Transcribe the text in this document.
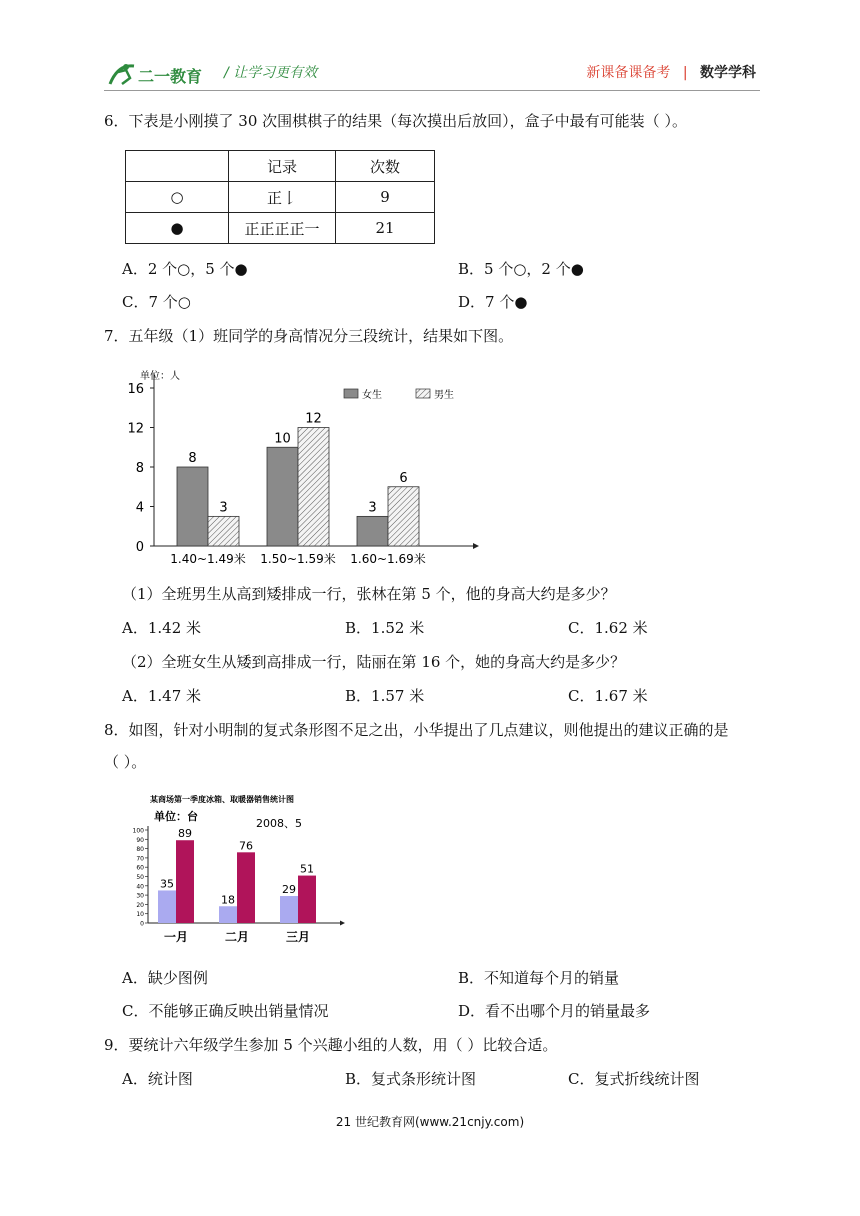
二一教育 / 让学习更有效	新课备课备考 | 数学学科
6．下表是小刚摸了 30 次围棋棋子的结果（每次摸出后放回），盒子中最有可能装（ ）。
	记录	次数
○	正𠄌	9
●	正正正正一	21
A．2 个○，5 个●	B．5 个○，2 个●
C．7 个○	D．7 个●
7．五年级（1）班同学的身高情况分三段统计，结果如下图。
单位：人
女生	男生
0
4
8
12
16
8
3
1.40~1.49米
10
12
1.50~1.59米
3
6
1.60~1.69米
（1）全班男生从高到矮排成一行，张林在第 5 个，他的身高大约是多少？
A．1.42 米	B．1.52 米	C．1.62 米
（2）全班女生从矮到高排成一行，陆丽在第 16 个，她的身高大约是多少？
A．1.47 米	B．1.57 米	C．1.67 米
8．如图，针对小明制的复式条形图不足之出，小华提出了几点建议，则他提出的建议正确的是
（ ）。
某商场第一季度冰箱、取暖器销售统计图
单位：台
2008、5
0
10
20
30
40
50
60
70
80
90
100
35
89
一月
18
76
二月
29
51
三月
A．缺少图例	B．不知道每个月的销量
C．不能够正确反映出销量情况	D．看不出哪个月的销量最多
9．要统计六年级学生参加 5 个兴趣小组的人数，用（ ）比较合适。
A．统计图	B．复式条形统计图	C．复式折线统计图
21 世纪教育网(www.21cnjy.com)
